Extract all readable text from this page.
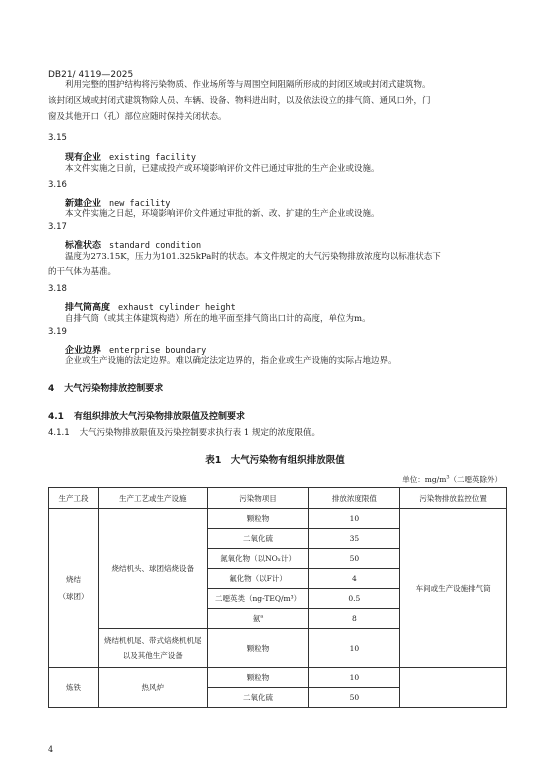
DB21/ 4119—2025
利用完整的围护结构将污染物质、作业场所等与周围空间阻隔所形成的封闭区域或封闭式建筑物。
该封闭区域或封闭式建筑物除人员、车辆、设备、物料进出时，以及依法设立的排气筒、通风口外，门
窗及其他开口（孔）部位应随时保持关闭状态。
3.15
现有企业 existing facility
本文件实施之日前，已建成投产或环境影响评价文件已通过审批的生产企业或设施。
3.16
新建企业 new facility
本文件实施之日起，环境影响评价文件通过审批的新、改、扩建的生产企业或设施。
3.17
标准状态 standard condition
温度为273.15K，压力为101.325kPa时的状态。本文件规定的大气污染物排放浓度均以标准状态下
的干气体为基准。
3.18
排气筒高度 exhaust cylinder height
自排气筒（或其主体建筑构造）所在的地平面至排气筒出口计的高度，单位为m。
3.19
企业边界 enterprise boundary
企业或生产设施的法定边界。难以确定法定边界的，指企业或生产设施的实际占地边界。
4 大气污染物排放控制要求
4.1 有组织排放大气污染物排放限值及控制要求
4.1.1 大气污染物排放限值及污染控制要求执行表 1 规定的浓度限值。
表1　大气污染物有组织排放限值
单位：$mg/m^3$（二噁英除外）
生产工段	生产工艺或生产设施	污染物项目	排放浓度限值	污染物排放监控位置

烧结
（球团）	烧结机头、球团焙烧设备	颗粒物	10	车间或生产设施排气筒
		二氧化硫	35	
		氮氧化物（以NOₓ计）	50	
		氟化物（以F计）	4	
		二噁英类（ng-TEQ/m³）	0.5	
		氨$^a$	8	

	烧结机机尾、带式焙烧机机尾
以及其他生产设备	颗粒物	10	

炼铁	热风炉	颗粒物	10	
		二氧化硫	50	
4
